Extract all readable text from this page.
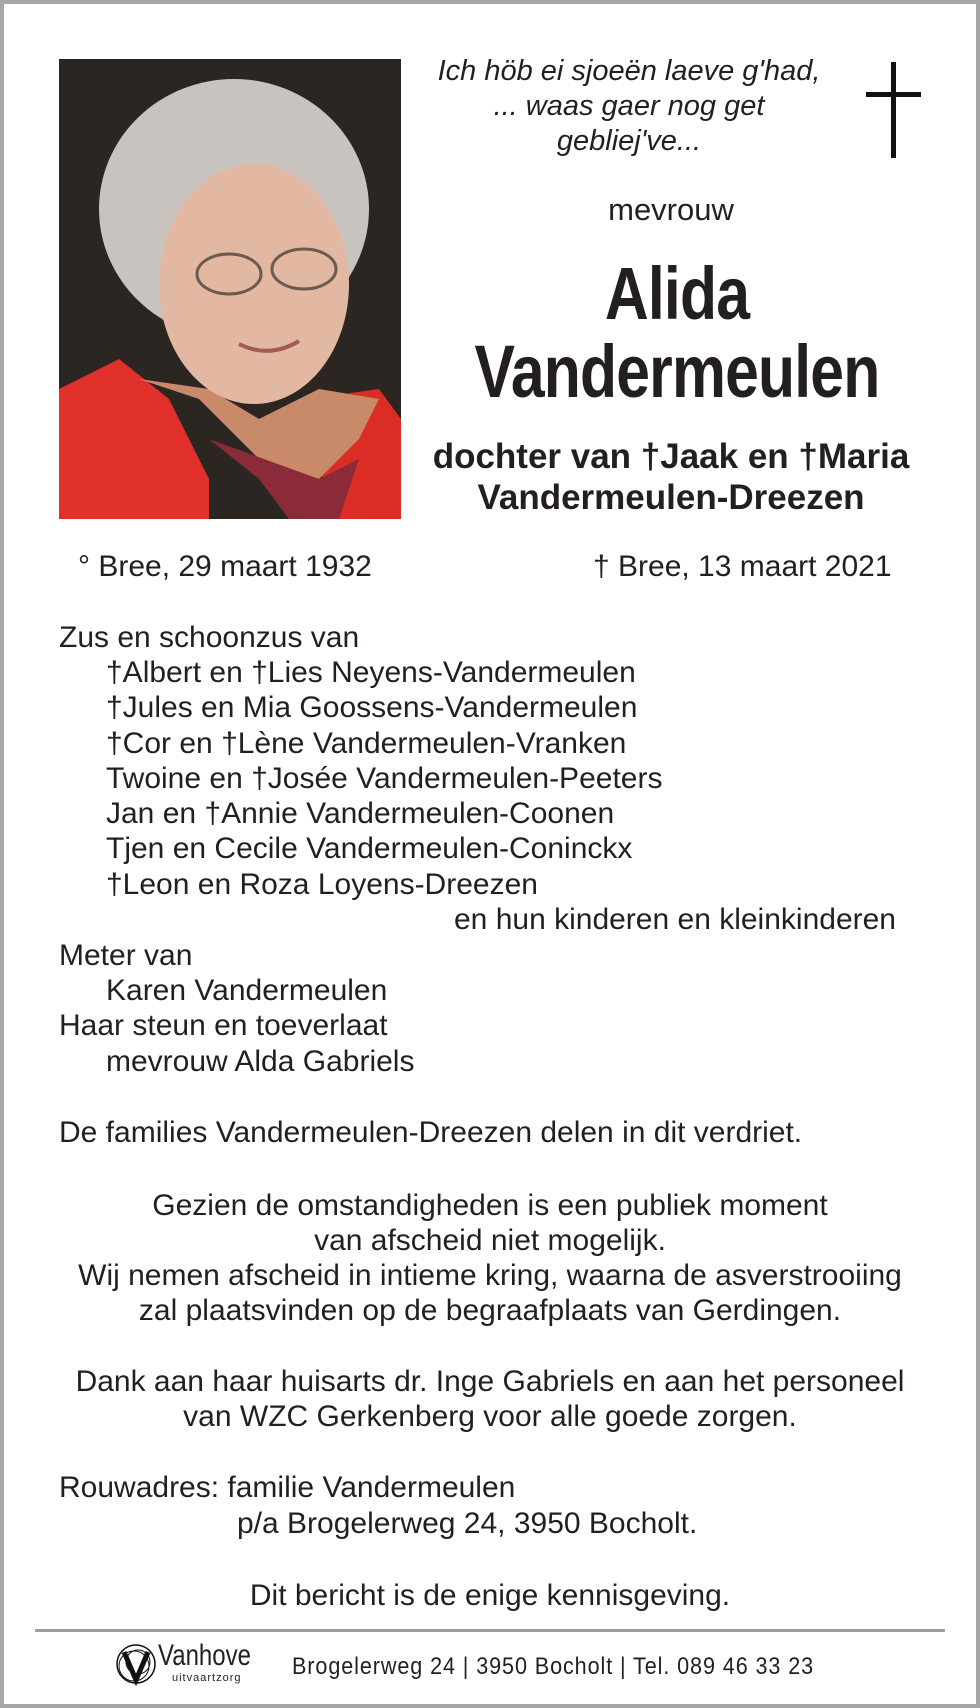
Ich höb ei sjoeën laeve g'had,
... waas gaer nog get
gebliej've...
mevrouw
Alida
Vandermeulen
dochter van †Jaak en †Maria
Vandermeulen-Dreezen
° Bree, 29 maart 1932	† Bree, 13 maart 2021
Zus en schoonzus van
†Albert en †Lies Neyens-Vandermeulen
†Jules en Mia Goossens-Vandermeulen
†Cor en †Lène Vandermeulen-Vranken
Twoine en †Josée Vandermeulen-Peeters
Jan en †Annie Vandermeulen-Coonen
Tjen en Cecile Vandermeulen-Coninckx
†Leon en Roza Loyens-Dreezen
en hun kinderen en kleinkinderen
Meter van
Karen Vandermeulen
Haar steun en toeverlaat
mevrouw Alda Gabriels
De families Vandermeulen-Dreezen delen in dit verdriet.
Gezien de omstandigheden is een publiek moment
van afscheid niet mogelijk.
Wij nemen afscheid in intieme kring, waarna de asverstrooiing
zal plaatsvinden op de begraafplaats van Gerdingen.
Dank aan haar huisarts dr. Inge Gabriels en aan het personeel
van WZC Gerkenberg voor alle goede zorgen.
Rouwadres: familie Vandermeulen
p/a Brogelerweg 24, 3950 Bocholt.
Dit bericht is de enige kennisgeving.
Vanhove
uitvaartzorg Brogelerweg 24 | 3950 Bocholt | Tel. 089 46 33 23
